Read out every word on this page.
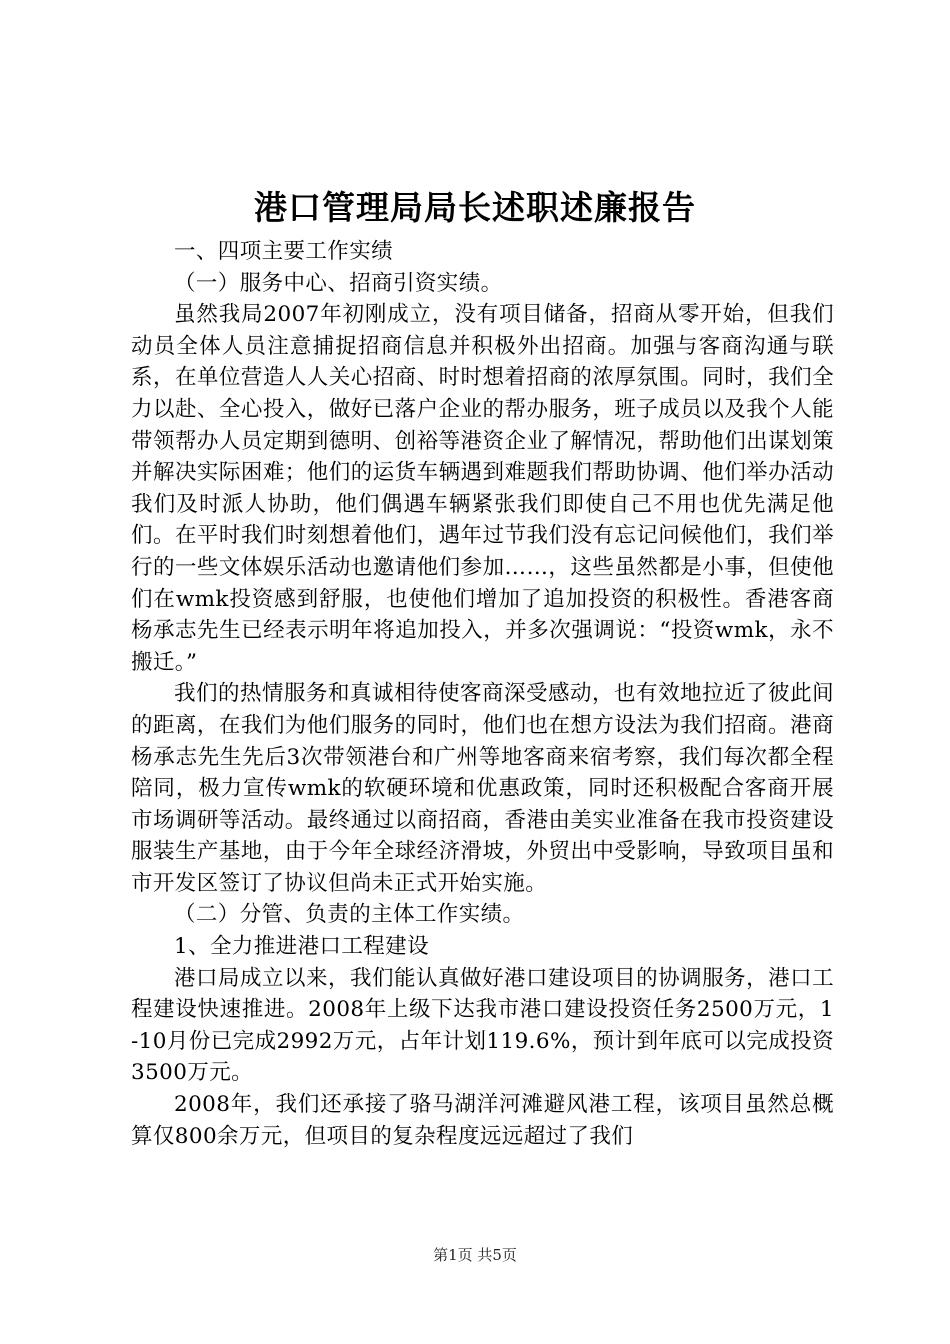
港口管理局局长述职述廉报告

一、四项主要工作实绩

（一）服务中心、招商引资实绩。

虽然我局2007年初刚成立，没有项目储备，招商从零开始，但我们动员全体人员注意捕捉招商信息并积极外出招商。加强与客商沟通与联系，在单位营造人人关心招商、时时想着招商的浓厚氛围。同时，我们全力以赴、全心投入，做好已落户企业的帮办服务，班子成员以及我个人能带领帮办人员定期到德明、创裕等港资企业了解情况，帮助他们出谋划策并解决实际困难；他们的运货车辆遇到难题我们帮助协调、他们举办活动我们及时派人协助，他们偶遇车辆紧张我们即使自己不用也优先满足他们。在平时我们时刻想着他们，遇年过节我们没有忘记问候他们，我们举行的一些文体娱乐活动也邀请他们参加……，这些虽然都是小事，但使他们在wmk投资感到舒服，也使他们增加了追加投资的积极性。香港客商杨承志先生已经表示明年将追加投入，并多次强调说：“投资wmk，永不搬迁。”

我们的热情服务和真诚相待使客商深受感动，也有效地拉近了彼此间的距离，在我们为他们服务的同时，他们也在想方设法为我们招商。港商杨承志先生先后3次带领港台和广州等地客商来宿考察，我们每次都全程陪同，极力宣传wmk的软硬环境和优惠政策，同时还积极配合客商开展市场调研等活动。最终通过以商招商，香港由美实业准备在我市投资建设服装生产基地，由于今年全球经济滑坡，外贸出中受影响，导致项目虽和市开发区签订了协议但尚未正式开始实施。

（二）分管、负责的主体工作实绩。

1、全力推进港口工程建设

港口局成立以来，我们能认真做好港口建设项目的协调服务，港口工程建设快速推进。2008年上级下达我市港口建设投资任务2500万元，1-10月份已完成2992万元，占年计划119.6%，预计到年底可以完成投资3500万元。

2008年，我们还承接了骆马湖洋河滩避风港工程，该项目虽然总概算仅800余万元，但项目的复杂程度远远超过了我们

第1页 共5页
